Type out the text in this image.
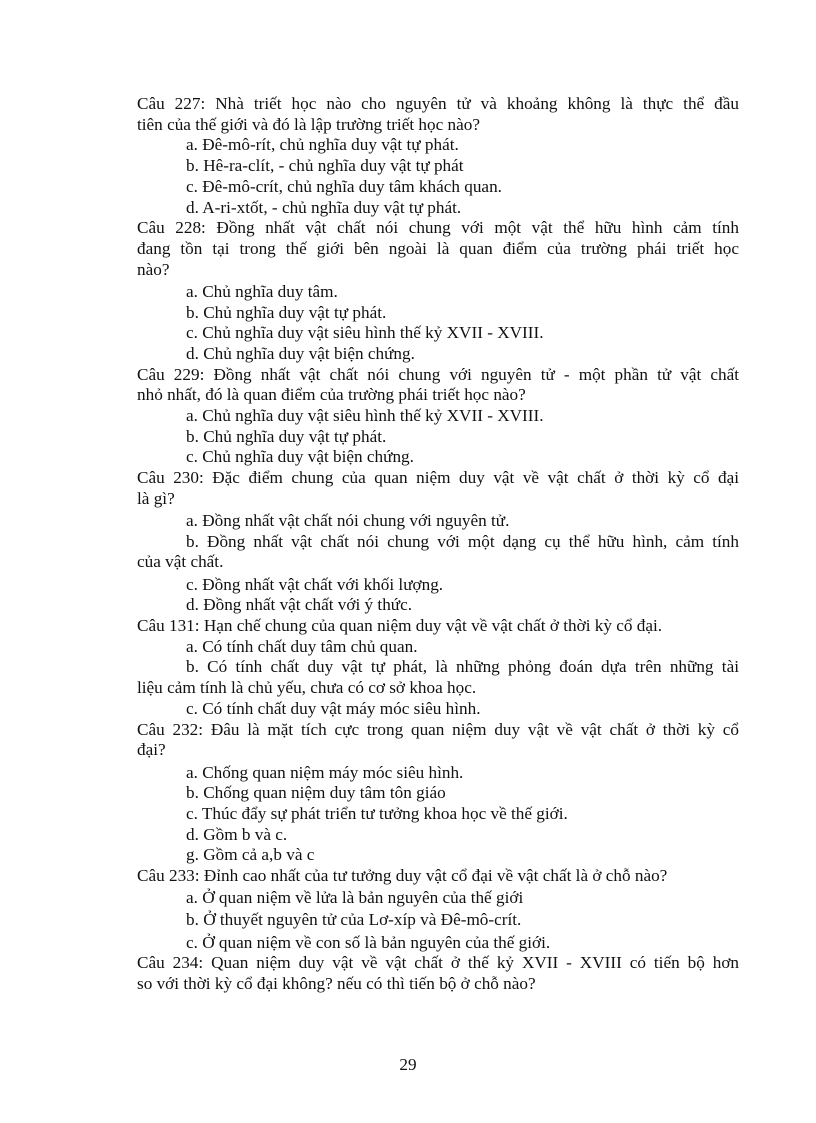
Câu 227: Nhà triết học nào cho nguyên tử và khoảng không là thực thể đầu
tiên của thế giới và đó là lập trường triết học nào?
a. Đê-mô-rít, chủ nghĩa duy vật tự phát.
b. Hê-ra-clít, - chủ nghĩa duy vật tự phát
c. Đê-mô-crít, chủ nghĩa duy tâm khách quan.
d. A-ri-xtốt, - chủ nghĩa duy vật tự phát.
Câu 228: Đồng nhất vật chất nói chung với một vật thể hữu hình cảm tính
đang tồn tại trong thế giới bên ngoài là quan điểm của trường phái triết học
nào?
a. Chủ nghĩa duy tâm.
b. Chủ nghĩa duy vật tự phát.
c. Chủ nghĩa duy vật siêu hình thế kỷ XVII - XVIII.
d. Chủ nghĩa duy vật biện chứng.
Câu 229: Đồng nhất vật chất nói chung với nguyên tử - một phần tử vật chất
nhỏ nhất, đó là quan điểm của trường phái triết học nào?
a. Chủ nghĩa duy vật siêu hình thế kỷ XVII - XVIII.
b. Chủ nghĩa duy vật tự phát.
c. Chủ nghĩa duy vật biện chứng.
Câu 230: Đặc điểm chung của quan niệm duy vật về vật chất ở thời kỳ cổ đại
là gì?
a. Đồng nhất vật chất nói chung với nguyên tử.
b. Đồng nhất vật chất nói chung với một dạng cụ thể hữu hình, cảm tính
của vật chất.
c. Đồng nhất vật chất với khối lượng.
d. Đồng nhất vật chất với ý thức.
Câu 131: Hạn chế chung của quan niệm duy vật về vật chất ở thời kỳ cổ đại.
a. Có tính chất duy tâm chủ quan.
b. Có tính chất duy vật tự phát, là những phỏng đoán dựa trên những tài
liệu cảm tính là chủ yếu, chưa có cơ sở khoa học.
c. Có tính chất duy vật máy móc siêu hình.
Câu 232: Đâu là mặt tích cực trong quan niệm duy vật về vật chất ở thời kỳ cổ
đại?
a. Chống quan niệm máy móc siêu hình.
b. Chống quan niệm duy tâm tôn giáo
c. Thúc đẩy sự phát triển tư tưởng khoa học về thế giới.
d. Gồm b và c.
g. Gồm cả a,b và c
Câu 233: Đỉnh cao nhất của tư tưởng duy vật cổ đại về vật chất là ở chỗ nào?
a. Ở quan niệm về lửa là bản nguyên của thế giới
b. Ở thuyết nguyên tử của Lơ-xíp và Đê-mô-crít.
c. Ở quan niệm về con số là bản nguyên của thế giới.
Câu 234: Quan niệm duy vật về vật chất ở thế kỷ XVII - XVIII có tiến bộ hơn
so với thời kỳ cổ đại không? nếu có thì tiến bộ ở chỗ nào?
29
